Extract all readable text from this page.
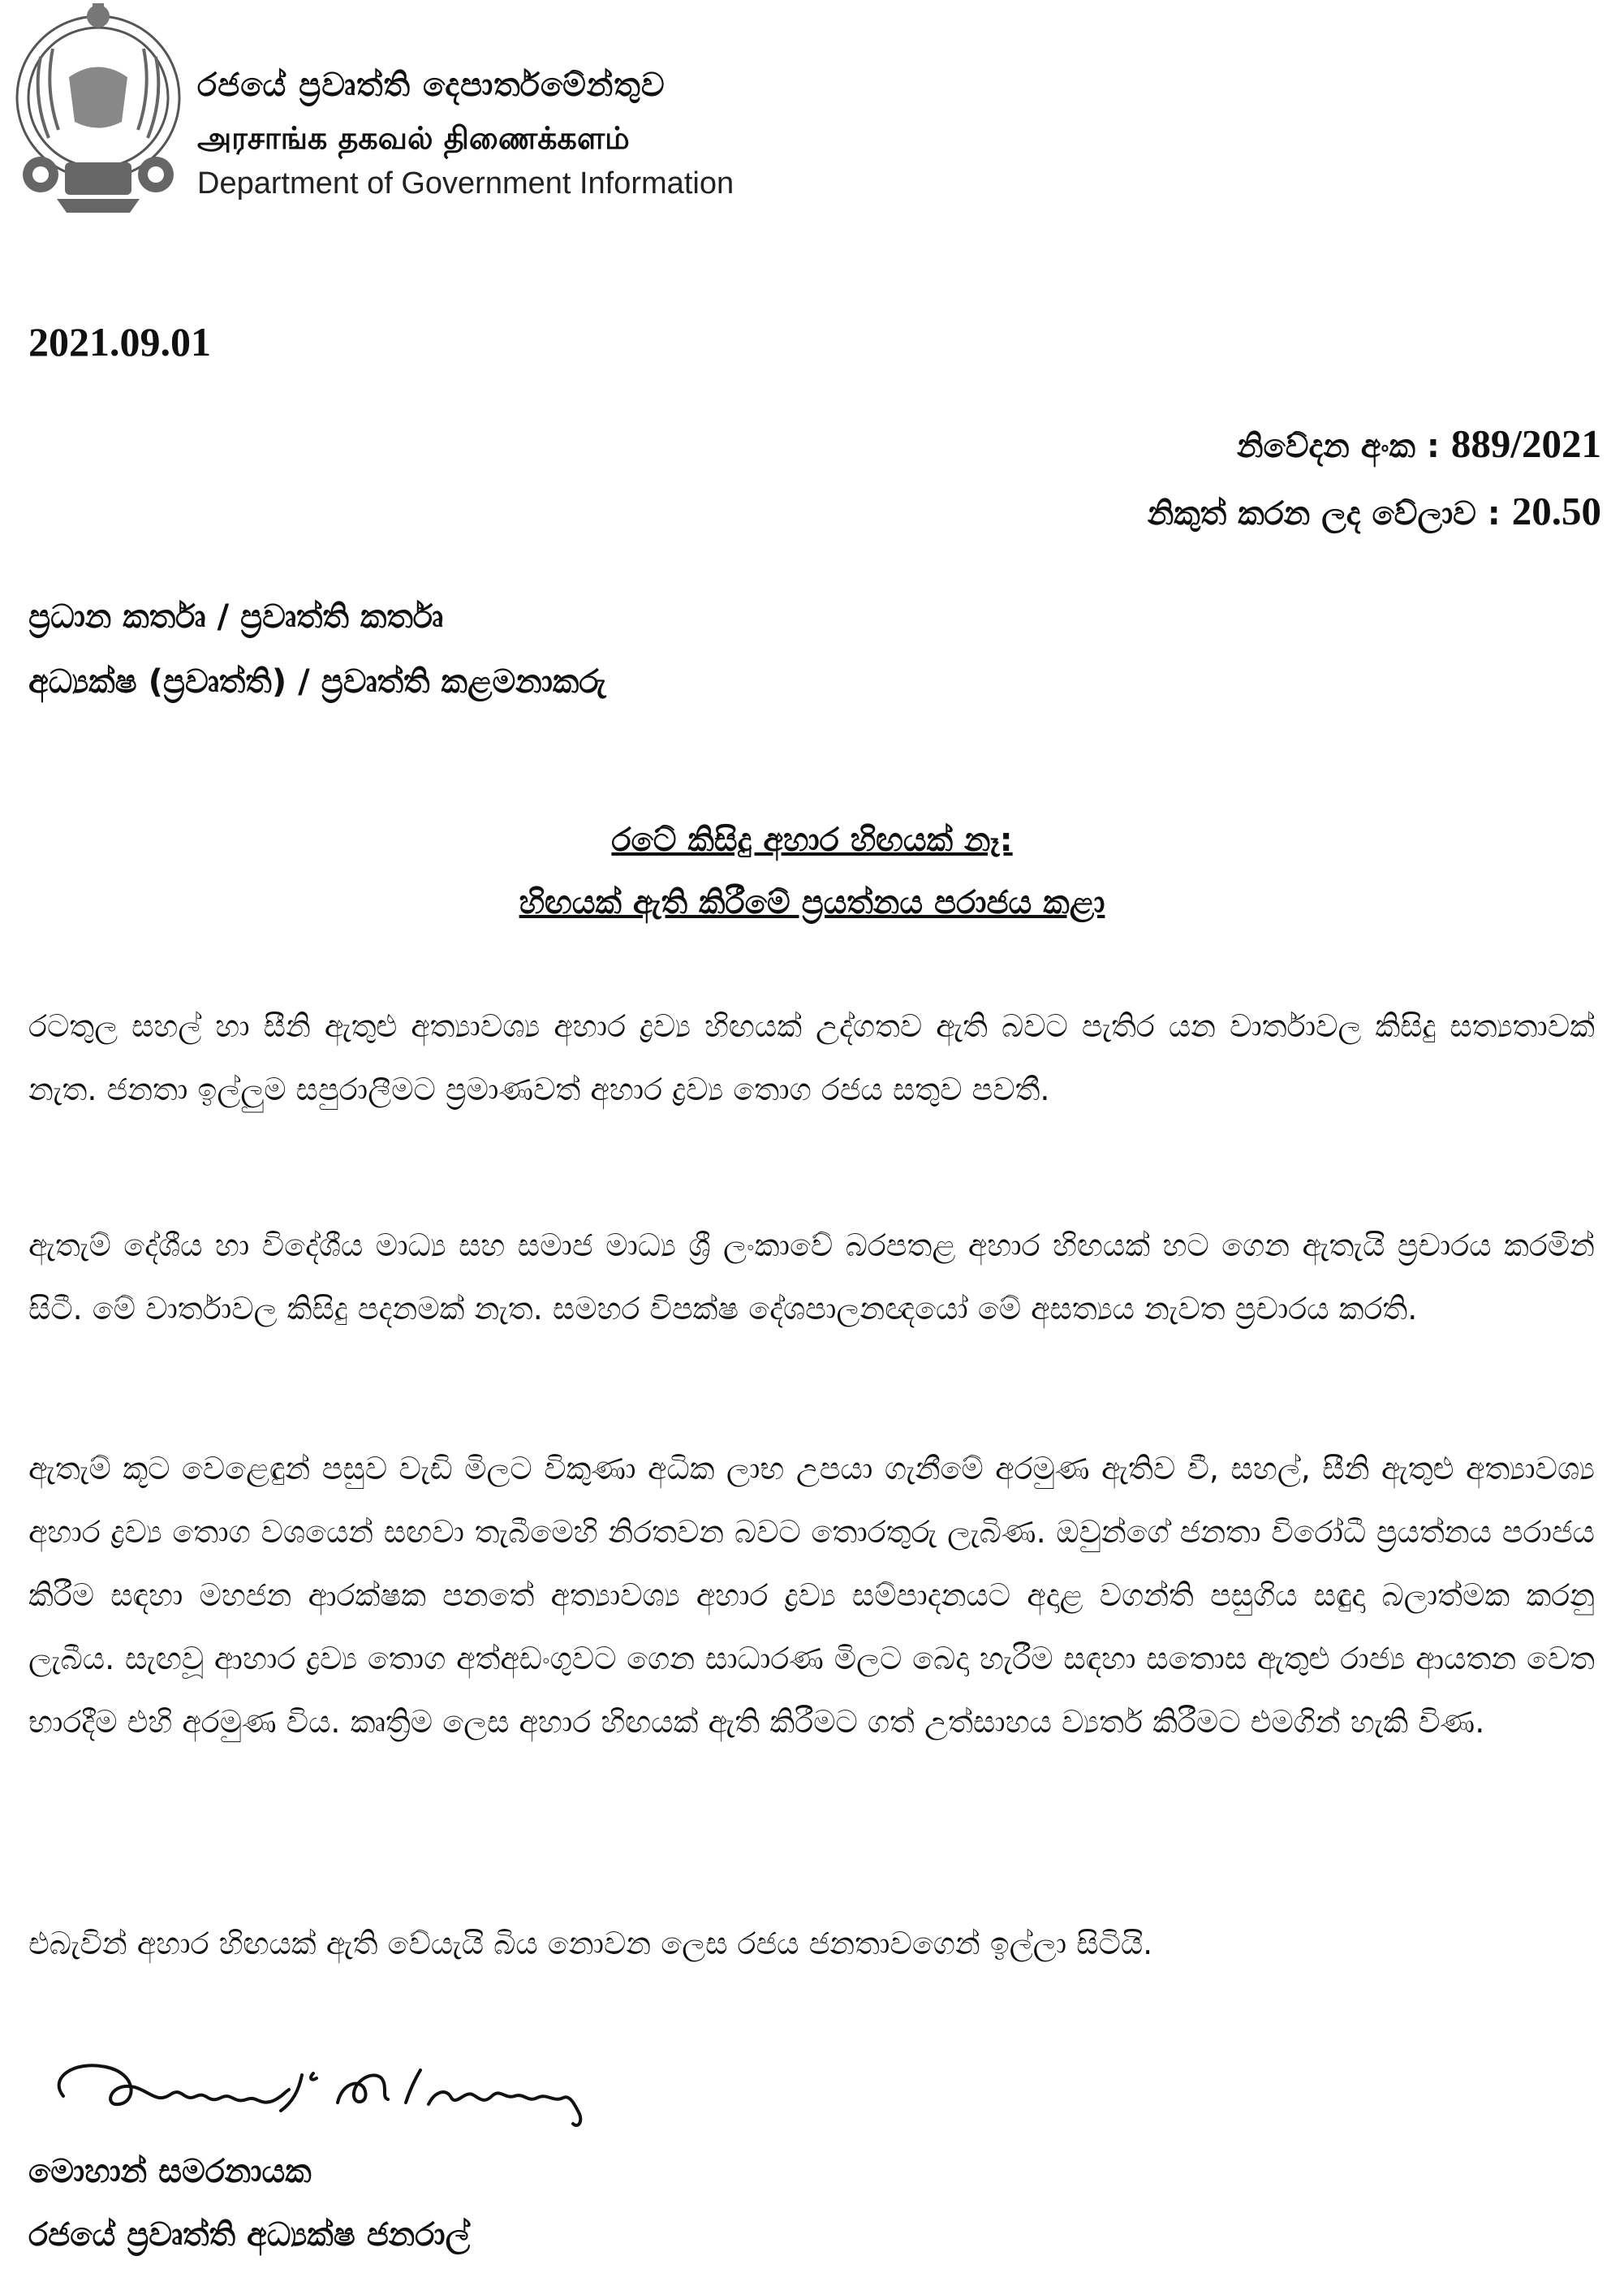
රජයේ ප්‍රවෘත්ති දෙපාර්තමේන්තුව
அரசாங்க தகவல் திணைக்களம்
Department of Government Information
2021.09.01
නිවේදන අංක : 889/2021
නිකුත් කරන ලද වේලාව : 20.50
ප්‍රධාන කර්තෘ / ප්‍රවෘත්ති කර්තෘ
අධ්‍යක්ෂ (ප්‍රවෘත්ති) / ප්‍රවෘත්ති කළමනාකරු
රටේ කිසිදු අහාර හිඟයක් නෑ:
හිඟයක් ඇති කිරීමේ ප්‍රයත්නය පරාජය කළා

රටතුල සහල් හා සීනි ඇතුළු අත්‍යාවශ්‍ය අහාර ද්‍රව්‍ය හිඟයක් උද්ගතව ඇති බවට පැතිර යන වාර්තාවල කිසිදු සත්‍යතාවක් නැත. ජනතා ඉල්ලුම සපුරාලීමට ප්‍රමාණවත් අහාර ද්‍රව්‍ය තොග රජය සතුව පවතී.

ඇතැම් දේශීය හා විදේශීය මාධ්‍ය සහ සමාජ මාධ්‍ය ශ්‍රී ලංකාවේ බරපතළ අහාර හිඟයක් හට ගෙන ඇතැයි ප්‍රචාරය කරමින් සිටී. මේ වාර්තාවල කිසිදු පදනමක් නැත. සමහර විපක්ෂ දේශපාලනඥයෝ මේ අසත්‍යය නැවත ප්‍රචාරය කරති.

ඇතැම් කූට වෙළෙඳුන් පසුව වැඩි මිලට විකුණා අධික ලාභ උපයා ගැනීමේ අරමුණ ඇතිව වී, සහල්, සීනි ඇතුළු අත්‍යාවශ්‍ය අහාර ද්‍රව්‍ය තොග වශයෙන් සඟවා තැබීමෙහි නිරතවන බවට තොරතුරු ලැබිණ. ඔවුන්ගේ ජනතා විරෝධී ප්‍රයත්නය පරාජය කිරීම සඳහා මහජන ආරක්ෂක පනතේ අත්‍යාවශ්‍ය අහාර ද්‍රව්‍ය සම්පාදනයට අදාළ වගන්ති පසුගිය සඳුදා බලාත්මක කරනු ලැබීය. සැඟවූ ආහාර ද්‍රව්‍ය තොග අත්අඩංගුවට ගෙන සාධාරණ මිලට බෙදා හැරීම සඳහා සතොස ඇතුළු රාජ්‍ය ආයතන වෙත භාරදීම එහි අරමුණ විය. කෘත්‍රිම ලෙස අහාර හිඟයක් ඇති කිරීමට ගත් උත්සාහය ව්‍යර්ත කිරීමට එමගින් හැකි විණ.

එබැවින් අහාර හිඟයක් ඇති වේයැයි බිය නොවන ලෙස රජය ජනතාවගෙන් ඉල්ලා සිටියි.

මොහාන් සමරනායක
රජයේ ප්‍රවෘත්ති අධ්‍යක්ෂ ජනරාල්
